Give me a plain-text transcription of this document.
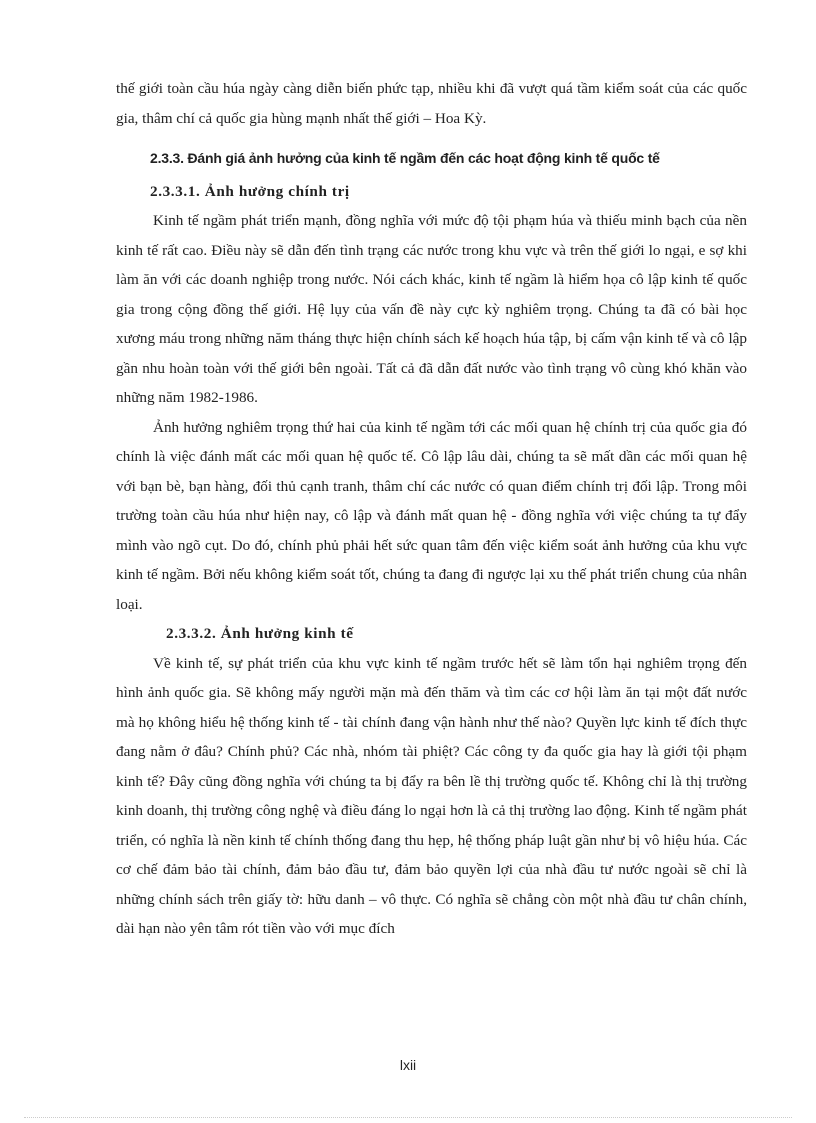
thế giới toàn cầu húa ngày càng diễn biến phức tạp, nhiều khi đã vượt quá tầm kiểm soát của các quốc gia, thâm chí cả quốc gia hùng mạnh nhất thế giới – Hoa Kỳ.

2.3.3. Đánh giá ảnh hưởng của kinh tế ngầm đến các hoạt động kinh tế quốc tế

2.3.3.1. Ảnh hưởng chính trị

Kinh tế ngầm phát triển mạnh, đồng nghĩa với mức độ tội phạm húa và thiếu minh bạch của nền kinh tế rất cao. Điều này sẽ dẫn đến tình trạng các nước trong khu vực và trên thế giới lo ngại, e sợ khi làm ăn với các doanh nghiệp trong nước. Nói cách khác, kinh tế ngầm là hiểm họa cô lập kinh tế quốc gia trong cộng đồng thế giới. Hệ lụy của vấn đề này cực kỳ nghiêm trọng. Chúng ta đã có bài học xương máu trong những năm tháng thực hiện chính sách kế hoạch húa tập, bị cấm vận kinh tế và cô lập gần nhu hoàn toàn với thế giới bên ngoài. Tất cả đã dẫn đất nước vào tình trạng vô cùng khó khăn vào những năm 1982-1986.

Ảnh hưởng nghiêm trọng thứ hai của kinh tế ngầm tới các mối quan hệ chính trị của quốc gia đó chính là việc đánh mất các mối quan hệ quốc tế. Cô lập lâu dài, chúng ta sẽ mất dần các mối quan hệ với bạn bè, bạn hàng, đối thủ cạnh tranh, thâm chí các nước có quan điểm chính trị đối lập. Trong môi trường toàn cầu húa như hiện nay, cô lập và đánh mất quan hệ - đồng nghĩa với việc chúng ta tự đẩy mình vào ngõ cụt. Do đó, chính phủ phải hết sức quan tâm đến việc kiểm soát ảnh hưởng của khu vực kinh tế ngầm. Bởi nếu không kiểm soát tốt, chúng ta đang đi ngược lại xu thế phát triển chung của nhân loại.

2.3.3.2. Ảnh hưởng kinh tế

Về kinh tế, sự phát triển của khu vực kinh tế ngầm trước hết sẽ làm tổn hại nghiêm trọng đến hình ảnh quốc gia. Sẽ không mấy người mặn mà đến thăm và tìm các cơ hội làm ăn tại một đất nước mà họ không hiểu hệ thống kinh tế - tài chính đang vận hành như thế nào? Quyền lực kinh tế đích thực đang nằm ở đâu? Chính phủ? Các nhà, nhóm tài phiệt? Các công ty đa quốc gia hay là giới tội phạm kinh tế? Đây cũng đồng nghĩa với chúng ta bị đẩy ra bên lề thị trường quốc tế. Không chỉ là thị trường kinh doanh, thị trường công nghệ và điều đáng lo ngại hơn là cả thị trường lao động. Kinh tế ngầm phát triển, có nghĩa là nền kinh tế chính thống đang thu hẹp, hệ thống pháp luật gần như bị vô hiệu húa. Các cơ chế đảm bảo tài chính, đảm bảo đầu tư, đảm bảo quyền lợi của nhà đầu tư nước ngoài sẽ chỉ là những chính sách trên giấy tờ: hữu danh – vô thực. Có nghĩa sẽ chẳng còn một nhà đầu tư chân chính, dài hạn nào yên tâm rót tiền vào với mục đích

lxii
